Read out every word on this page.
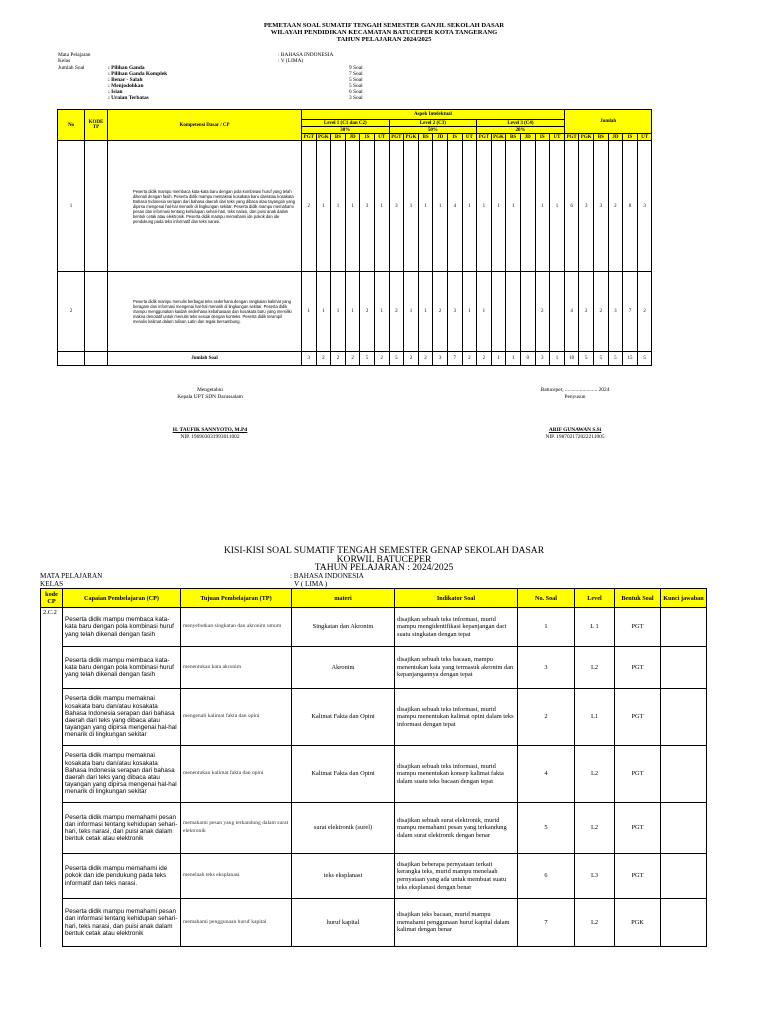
PEMETAAN SOAL SUMATIF TENGAH SEMESTER GANJIL SEKOLAH DASAR
WILAYAH PENDIDIKAN KECAMATAN BATUCEPER KOTA TANGERANG
TAHUN PELAJARAN 2024/2025
Mata Pelajaran	: BAHASA INDONESIA
Kelas	: V (LIMA)
Jumlah Soal	: Pilihan Ganda	9 Soal
: Pilihan Ganda Komplek	7 Soal
: Benar - Salah	5 Soal
: Menjodohkan	5 Soal
: Isian	6 Soal
: Uraian Terbatas	3 Soal
No	KODE TP	Kompetensi Dasar / CP	Aspek Intelektual																		Jumlah					
			Level 1 (C1 dan C2)						Level 2 (C3)						Level 3 (C4)											
			30%						50%						20%											
			PGT	PGK	BS	JD	IS	UT	PGT	PGK	BS	JD	IS	UT	PGT	PGK	BS	JD	IS	UT	PGT	PGK	BS	JD	IS	UT
1		Peserta didik mampu membaca kata-kata baru dengan pola kombinasi huruf yang telah dikenali dengan fasih. Peserta didik mampu memaknai kosakata baru dan/atau kosakata Bahasa Indonesia serapan dari bahasa daerah dari teks yang dibaca atau tayangan yang dipirsa mengenai hal-hal menarik di lingkungan sekitar. Peserta didik mampu memahami pesan dan informasi tentang kehidupan sehari-hari, teks narasi, dan puisi anak dalam bentuk cetak atau elektronik. Peserta didik mampu memahami ide pokok dan ide pendukung pada teks informatif dan teks narasi.	2	1	1	1	3	1	3	1	1	1	4	1	1	1	1		1	1	6	3	3	2	8	3
2		Peserta didik mampu menulis berbagai teks sederhana dengan rangkaian kalimat yang beragam dan informasi mengenai hal-hal menarik di lingkungan sekitar. Peserta didik mampu menggunakan kaidah sederhana kebahasaan dan kosakata baru yang memiliki makna denotatif untuk menulis teks sesuai dengan konteks. Peserta didik terampil menulis kalimat dalam tulisan Latin dan tegak bersambung.	1	1	1	1	2	1	2	1	1	2	3	1	1				2		4	2	2	3	7	2
		Jumlah Soal	3	2	2	2	5	2	5	2	2	3	7	2	2	1	1	0	3	1	10	5	5	5	15	5
Mengetahui
Kepala UPT SDN Darussalam
H. TAUFIK SANNYOTO, M.Pd
NIP. 196903031993011002
Batuceper, ........................ 2024
Penyusun
ARIF GUNAWAN S.Si
NIP. 198702172022211005
KISI-KISI SOAL SUMATIF TENGAH SEMESTER GENAP SEKOLAH DASAR
KORWIL BATUCEPER
TAHUN PELAJARAN : 2024/2025
MATA PELAJARAN	: BAHASA INDONESIA
KELAS	V ( LIMA )
kode CP	Capaian Pembelajaran (CP)	Tujuan Pembelajaran (TP)	materi	Indikator Soal	No. Soal	Level	Bentuk Soal	Kunci jawaban
2.C.2	Peserta didik mampu membaca kata-kata baru dengan pola kombinasi huruf yang telah dikenali dengan fasih	menyebutkan singkatan dan akronim umum	Singkatan dan Akronim	disajikan sebuah teks informasi, murid mampu mengidentifikasi kepanjangan dari suatu singkatan dengan tepat	1	L 1	PGT	
	Peserta didik mampu membaca kata-kata baru dengan pola kombinasi huruf yang telah dikenali dengan fasih	menentukan kata akronim	Akronim	disajikan sebuah teks bacaan, mampu menentukan kata yang termasuk akronim dan kepanjangannya dengan tepat	3	L2	PGT	
	Peserta didik mampu memaknai kosakata baru dan/atau kosakata Bahasa Indonesia serapan dari bahasa daerah dari teks yang dibaca atau tayangan yang dipirsa mengenai hal-hal menarik di lingkungan sekitar	mengenali kalimat fakta dan opini	Kalimat Fakta dan Opini	disajikan sebuah teks informasi, murid mampu menentukan kalimat opini dalam teks informasi dengan tepat	2	L1	PGT	
	Peserta didik mampu memaknai kosakata baru dan/atau kosakata Bahasa Indonesia serapan dari bahasa daerah dari teks yang dibaca atau tayangan yang dipirsa mengenai hal-hal menarik di lingkungan sekitar	menentukan kalimat fakta dan opini	Kalimat Fakta dan Opini	disajikan sebuah teks informasi, murid mampu menentukan konsep kalimat fakta dalam suatu teks bacaan dengan tepat	4	L2	PGT	
	Peserta didik mampu memahami pesan dan informasi tentang kehidupan sehari-hari, teks narasi, dan puisi anak dalam bentuk cetak atau elektronik	memahami pesan yang terkandung dalam surat elektronik	surat elektronik (surel)	disajikan sebuah surat elektronik, murid mampu memahami pesan yang terkandung dalam surat elektronik dengan benar	5	L2	PGT	
	Peserta didik mampu memahami ide pokok dan ide pendukung pada teks informatif dan teks narasi.	menelaah teks eksplanasi	teks eksplanasi	disajikan beberapa pernyataan terkait kerangka teks, murid mampu menelaah pernyataan yang ada untuk membuat suatu teks eksplanasi dengan benar	6	L3	PGT	
	Peserta didik mampu memahami pesan dan informasi tentang kehidupan sehari-hari, teks narasi, dan puisi anak dalam bentuk cetak atau elektronik	memahami penggunaan huruf kapital	huruf kapital	disajikan teks bacaan, murid mampu memahami penggunaan huruf kapital dalam kalimat dengan benar	7	L2	PGK	
